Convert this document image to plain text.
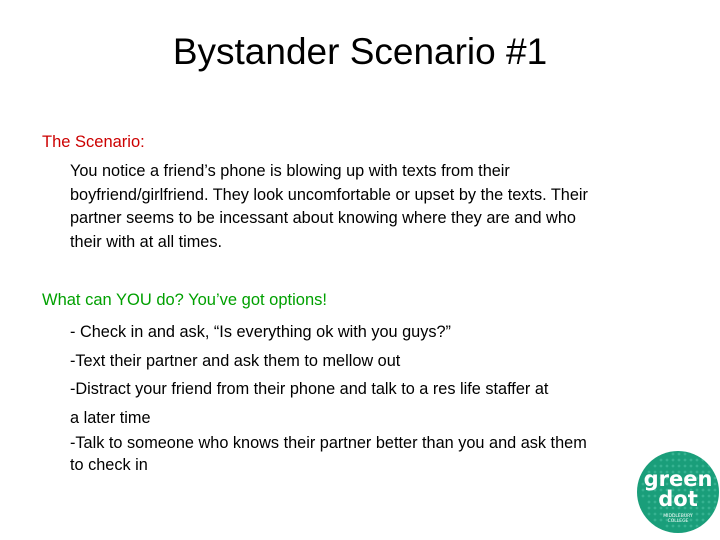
Bystander Scenario #1
The Scenario:
You notice a friend’s phone is blowing up with texts from their
boyfriend/girlfriend. They look uncomfortable or upset by the texts. Their
partner seems to be incessant about knowing where they are and who
their with at all times.
What can YOU do? You’ve got options!
- Check in and ask, “Is everything ok with you guys?”
-Text their partner and ask them to mellow out
-Distract your friend from their phone and talk to a res life staffer at
a later time
-Talk to someone who knows their partner better than you and ask them
to check in
green
dot
MIDDLEBURY
COLLEGE
